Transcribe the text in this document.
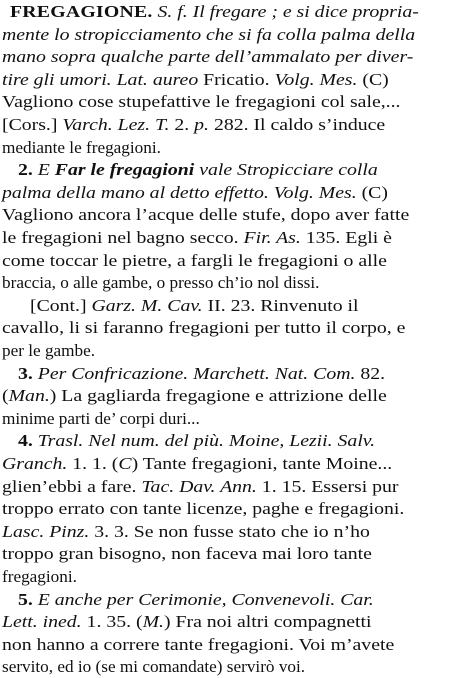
FREGAGIONE. S. f. Il fregare ; e si dice propria-
mente lo stropicciamento che si fa colla palma della
mano sopra qualche parte dell’ammalato per diver-
tire gli umori. Lat. aureo Fricatio. Volg. Mes. (C)
Vagliono cose stupefattive le fregagioni col sale,...
[Cors.] Varch. Lez. T. 2. p. 282. Il caldo s’induce
mediante le fregagioni.
2. E Far le fregagioni vale Stropicciare colla
palma della mano al detto effetto. Volg. Mes. (C)
Vagliono ancora l’acque delle stufe, dopo aver fatte
le fregagioni nel bagno secco. Fir. As. 135. Egli è
come toccar le pietre, a fargli le fregagioni o alle
braccia, o alle gambe, o presso ch’io nol dissi.
[Cont.] Garz. M. Cav. II. 23. Rinvenuto il
cavallo, li si faranno fregagioni per tutto il corpo, e
per le gambe.
3. Per Confricazione. Marchett. Nat. Com. 82.
(Man.) La gagliarda fregagione e attrizione delle
minime parti de’ corpi duri...
4. Trasl. Nel num. del più. Moine, Lezii. Salv.
Granch. 1. 1. (C) Tante fregagioni, tante Moine...
glien’ebbi a fare. Tac. Dav. Ann. 1. 15. Essersi pur
troppo errato con tante licenze, paghe e fregagioni.
Lasc. Pinz. 3. 3. Se non fusse stato che io n’ho
troppo gran bisogno, non faceva mai loro tante
fregagioni.
5. E anche per Cerimonie, Convenevoli. Car.
Lett. ined. 1. 35. (M.) Fra noi altri compagnetti
non hanno a correre tante fregagioni. Voi m’avete
servito, ed io (se mi comandate) servirò voi.
